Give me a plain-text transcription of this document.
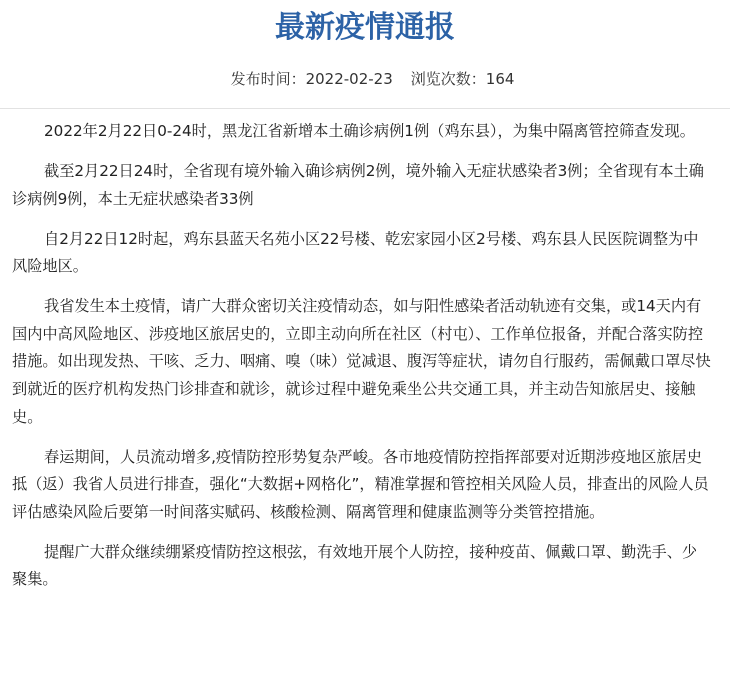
最新疫情通报
发布时间：2022-02-23 浏览次数：164

2022年2月22日0-24时，黑龙江省新增本土确诊病例1例（鸡东县），为集中隔离管控筛查发现。

截至2月22日24时，全省现有境外输入确诊病例2例，境外输入无症状感染者3例；全省现有本土确诊病例9例，本土无症状感染者33例

自2月22日12时起，鸡东县蓝天名苑小区22号楼、乾宏家园小区2号楼、鸡东县人民医院调整为中风险地区。

我省发生本土疫情，请广大群众密切关注疫情动态，如与阳性感染者活动轨迹有交集，或14天内有国内中高风险地区、涉疫地区旅居史的，立即主动向所在社区（村屯）、工作单位报备，并配合落实防控措施。如出现发热、干咳、乏力、咽痛、嗅（味）觉减退、腹泻等症状，请勿自行服药，需佩戴口罩尽快到就近的医疗机构发热门诊排查和就诊，就诊过程中避免乘坐公共交通工具，并主动告知旅居史、接触史。

春运期间，人员流动增多,疫情防控形势复杂严峻。各市地疫情防控指挥部要对近期涉疫地区旅居史抵（返）我省人员进行排查，强化“大数据+网格化”，精准掌握和管控相关风险人员，排查出的风险人员评估感染风险后要第一时间落实赋码、核酸检测、隔离管理和健康监测等分类管控措施。

提醒广大群众继续绷紧疫情防控这根弦，有效地开展个人防控，接种疫苗、佩戴口罩、勤洗手、少聚集。
